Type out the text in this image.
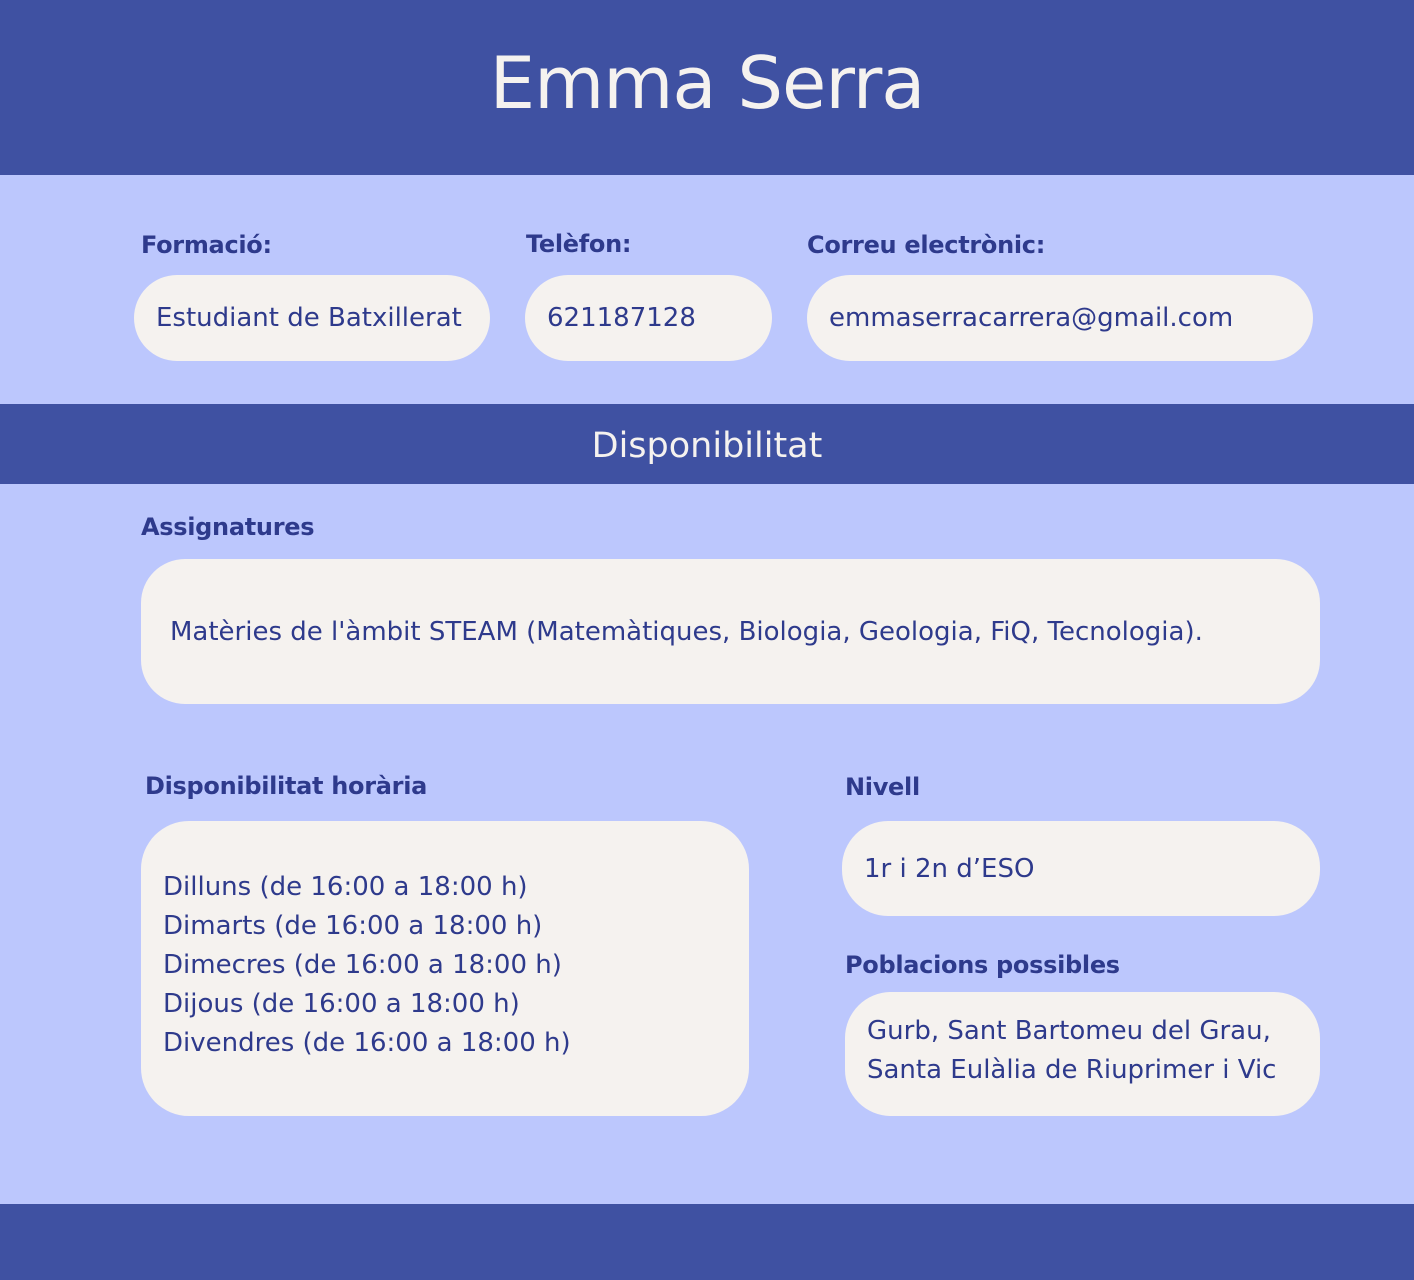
Emma Serra
Formació:
Estudiant de Batxillerat
Telèfon:
621187128
Correu electrònic:
emmaserracarrera@gmail.com
Disponibilitat
Assignatures
Matèries de l'àmbit STEAM (Matemàtiques, Biologia, Geologia, FiQ, Tecnologia).
Disponibilitat horària
Dilluns (de 16:00 a 18:00 h)
Dimarts (de 16:00 a 18:00 h)
Dimecres (de 16:00 a 18:00 h)
Dijous (de 16:00 a 18:00 h)
Divendres (de 16:00 a 18:00 h)
Nivell
1r i 2n d’ESO
Poblacions possibles
Gurb, Sant Bartomeu del Grau,
Santa Eulàlia de Riuprimer i Vic
